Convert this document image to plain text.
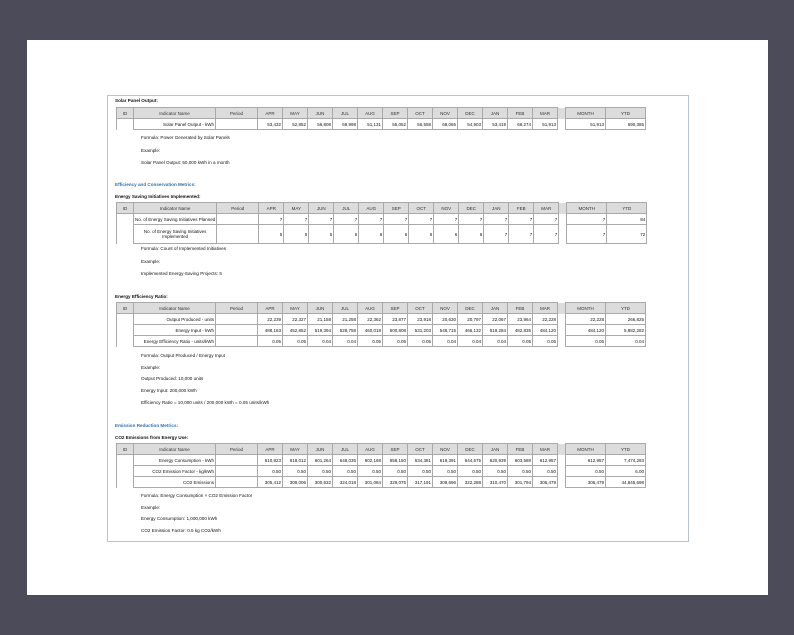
Solar Panel Output:
ID	Indicator Name	Period	APR	MAY	JUN	JUL	AUG	SEP	OCT	NOV	DEC	JAN	FEB	MAR		MONTH	YTD
	Solar Panel Output - kWh		53,432	52,852	56,808	69,998	51,131	55,052	56,558	68,065	54,903	53,419	66,274	51,913		51,913	690,385
Formula: Power Generated by Solar Panels
Example:
Solar Panel Output: 50,000 kWh in a month
Efficiency and Conservation Metrics:
Energy Saving Initiatives Implemented:
ID	Indicator Name	Period	APR	MAY	JUN	JUL	AUG	SEP	OCT	NOV	DEC	JAN	FEB	MAR		MONTH	YTD
	No. of Energy Saving Initiatives Planned		7	7	7	7	7	7	7	7	7	7	7	7		7	84
	No. of Energy Saving Initiatives Implemented		5	5	5	6	6	6	6	6	6	7	7	7		7	72
Formula: Count of Implemented Initiatives
Example:
Implemented Energy-Saving Projects: 5
Energy Efficiency Ratio:
ID	Indicator Name	Period	APR	MAY	JUN	JUL	AUG	SEP	OCT	NOV	DEC	JAN	FEB	MAR		MONTH	YTD
	Output Produced - units		22,239	22,327	21,158	21,258	22,362	23,877	23,918	20,630	20,797	22,067	23,964	22,228		22,228	266,825
	Energy Input - kWh		488,163	452,852	519,394	528,758	460,018	500,808	531,203	548,715	466,132	519,284	482,835	484,120		484,120	5,982,282
	Energy Efficiency Ratio - units/kWh		0.05	0.05	0.04	0.04	0.05	0.05	0.05	0.04	0.04	0.04	0.05	0.05		0.05	0.04
Formula: Output Produced / Energy Input
Example:
Output Produced: 10,000 units
Energy Input: 200,000 kWh
Efficiency Ratio = 10,000 units / 200,000 kWh = 0.05 units/kWh
Emission Reduction Metrics:
CO2 Emissions from Energy Use:
ID	Indicator Name	Period	APR	MAY	JUN	JUL	AUG	SEP	OCT	NOV	DEC	JAN	FEB	MAR		MONTH	YTD
	Energy Consumption - kWh		610,823	618,012	601,264	648,035	602,168	658,150	634,381	619,391	644,575	620,939	603,588	612,957		612,957	7,474,283
	CO2 Emission Factor - kg/kWh		0.50	0.50	0.50	0.50	0.50	0.50	0.50	0.50	0.50	0.50	0.50	0.50		0.50	6.00
	CO2 Emissions		305,412	309,006	300,632	324,018	301,084	329,075	317,191	309,696	322,288	310,470	301,794	306,479		306,479	44,845,698
Formula: Energy Consumption × CO2 Emission Factor
Example:
Energy Consumption: 1,000,000 kWh
CO2 Emission Factor: 0.5 kg CO2/kWh
